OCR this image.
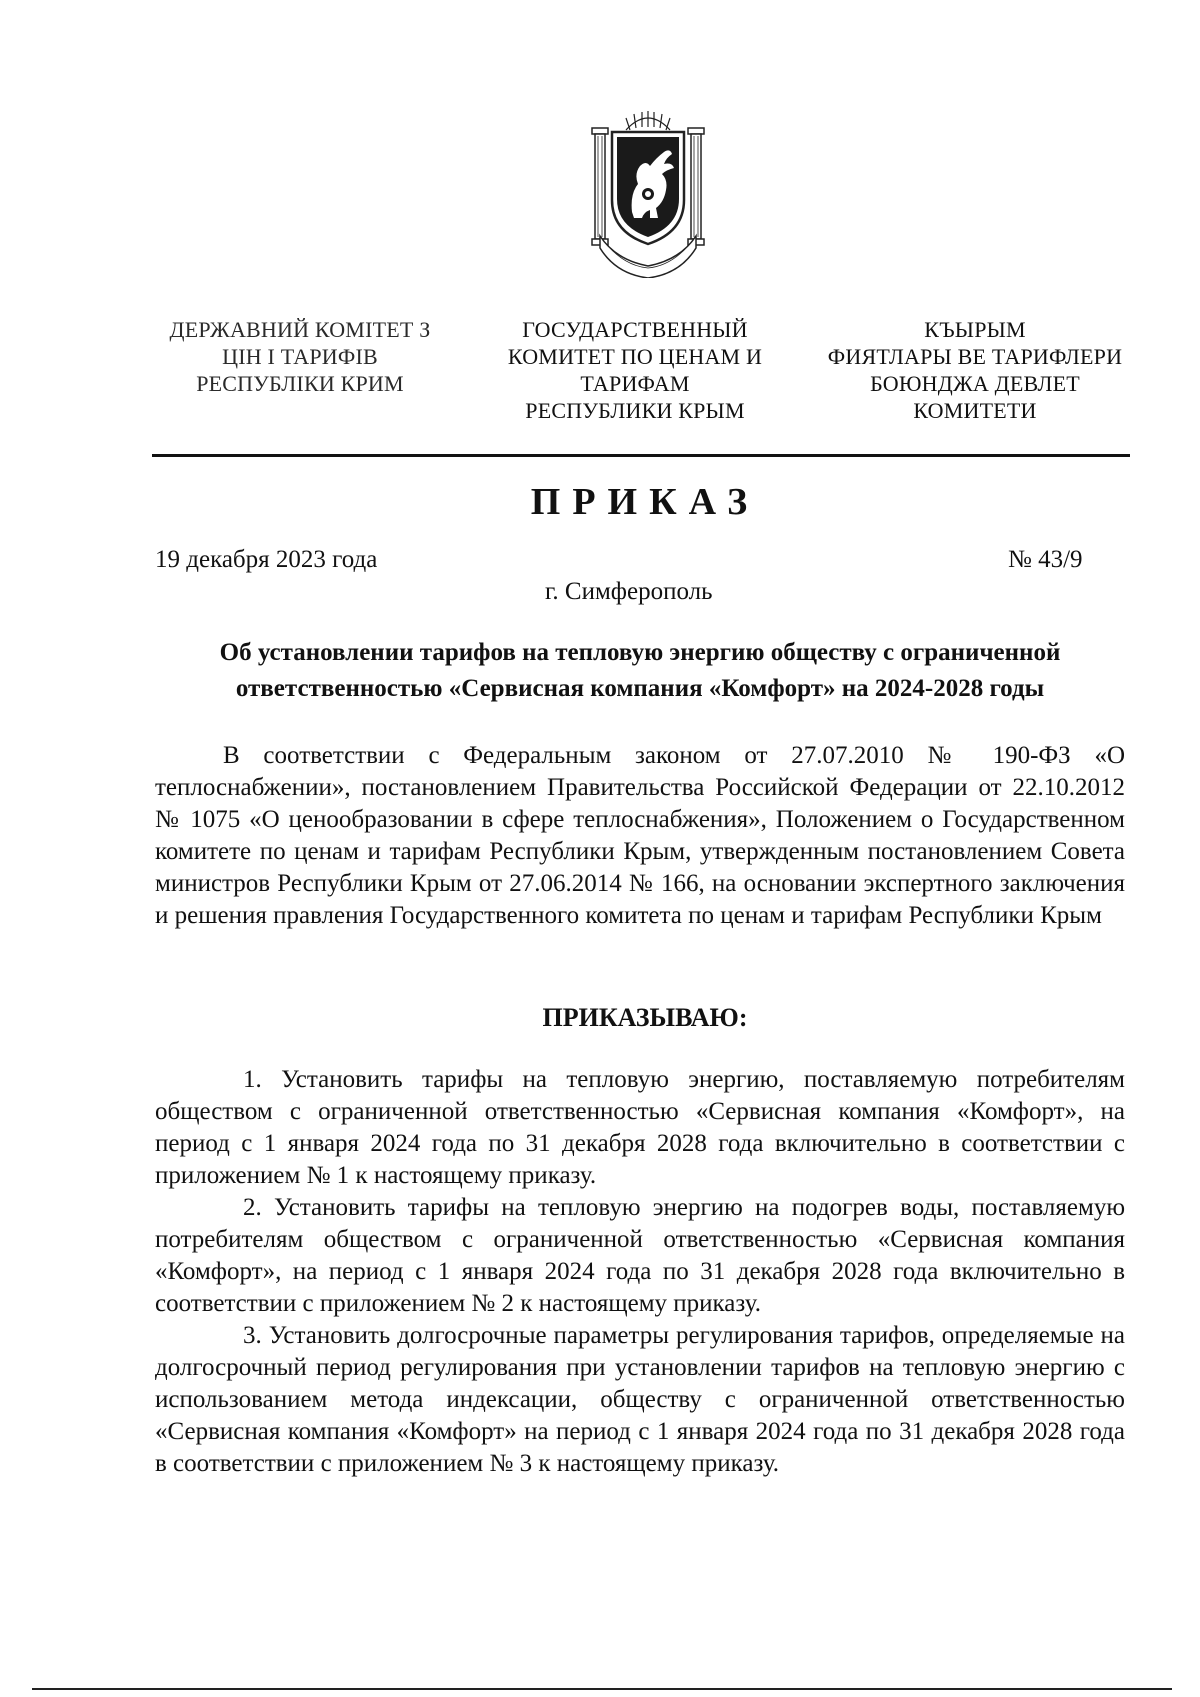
ДЕРЖАВНИЙ КОМІТЕТ З
ЦІН І ТАРИФІВ
РЕСПУБЛІКИ КРИМ
ГОСУДАРСТВЕННЫЙ
КОМИТЕТ ПО ЦЕНАМ И
ТАРИФАМ
РЕСПУБЛИКИ КРЫМ
КЪЫРЫМ
ФИЯТЛАРЫ ВЕ ТАРИФЛЕРИ
БОЮНДЖА ДЕВЛЕТ
КОМИТЕТИ
ПРИКАЗ
19 декабря 2023 года	№ 43/9
г. Симферополь
Об установлении тарифов на тепловую энергию обществу с ограниченной ответственностью «Сервисная компания «Комфорт» на 2024-2028 годы
В соответствии с Федеральным законом от 27.07.2010 № 190-ФЗ «О теплоснабжении», постановлением Правительства Российской Федерации от 22.10.2012 № 1075 «О ценообразовании в сфере теплоснабжения», Положением о Государственном комитете по ценам и тарифам Республики Крым, утвержденным постановлением Совета министров Республики Крым от 27.06.2014 № 166, на основании экспертного заключения и решения правления Государственного комитета по ценам и тарифам Республики Крым
ПРИКАЗЫВАЮ:

1. Установить тарифы на тепловую энергию, поставляемую потребителям обществом с ограниченной ответственностью «Сервисная компания «Комфорт», на период с 1 января 2024 года по 31 декабря 2028 года включительно в соответствии с приложением № 1 к настоящему приказу.

2. Установить тарифы на тепловую энергию на подогрев воды, поставляемую потребителям обществом с ограниченной ответственностью «Сервисная компания «Комфорт», на период с 1 января 2024 года по 31 декабря 2028 года включительно в соответствии с приложением № 2 к настоящему приказу.

3. Установить долгосрочные параметры регулирования тарифов, определяемые на долгосрочный период регулирования при установлении тарифов на тепловую энергию с использованием метода индексации, обществу с ограниченной ответственностью «Сервисная компания «Комфорт» на период с 1 января 2024 года по 31 декабря 2028 года в соответствии с приложением № 3 к настоящему приказу.
